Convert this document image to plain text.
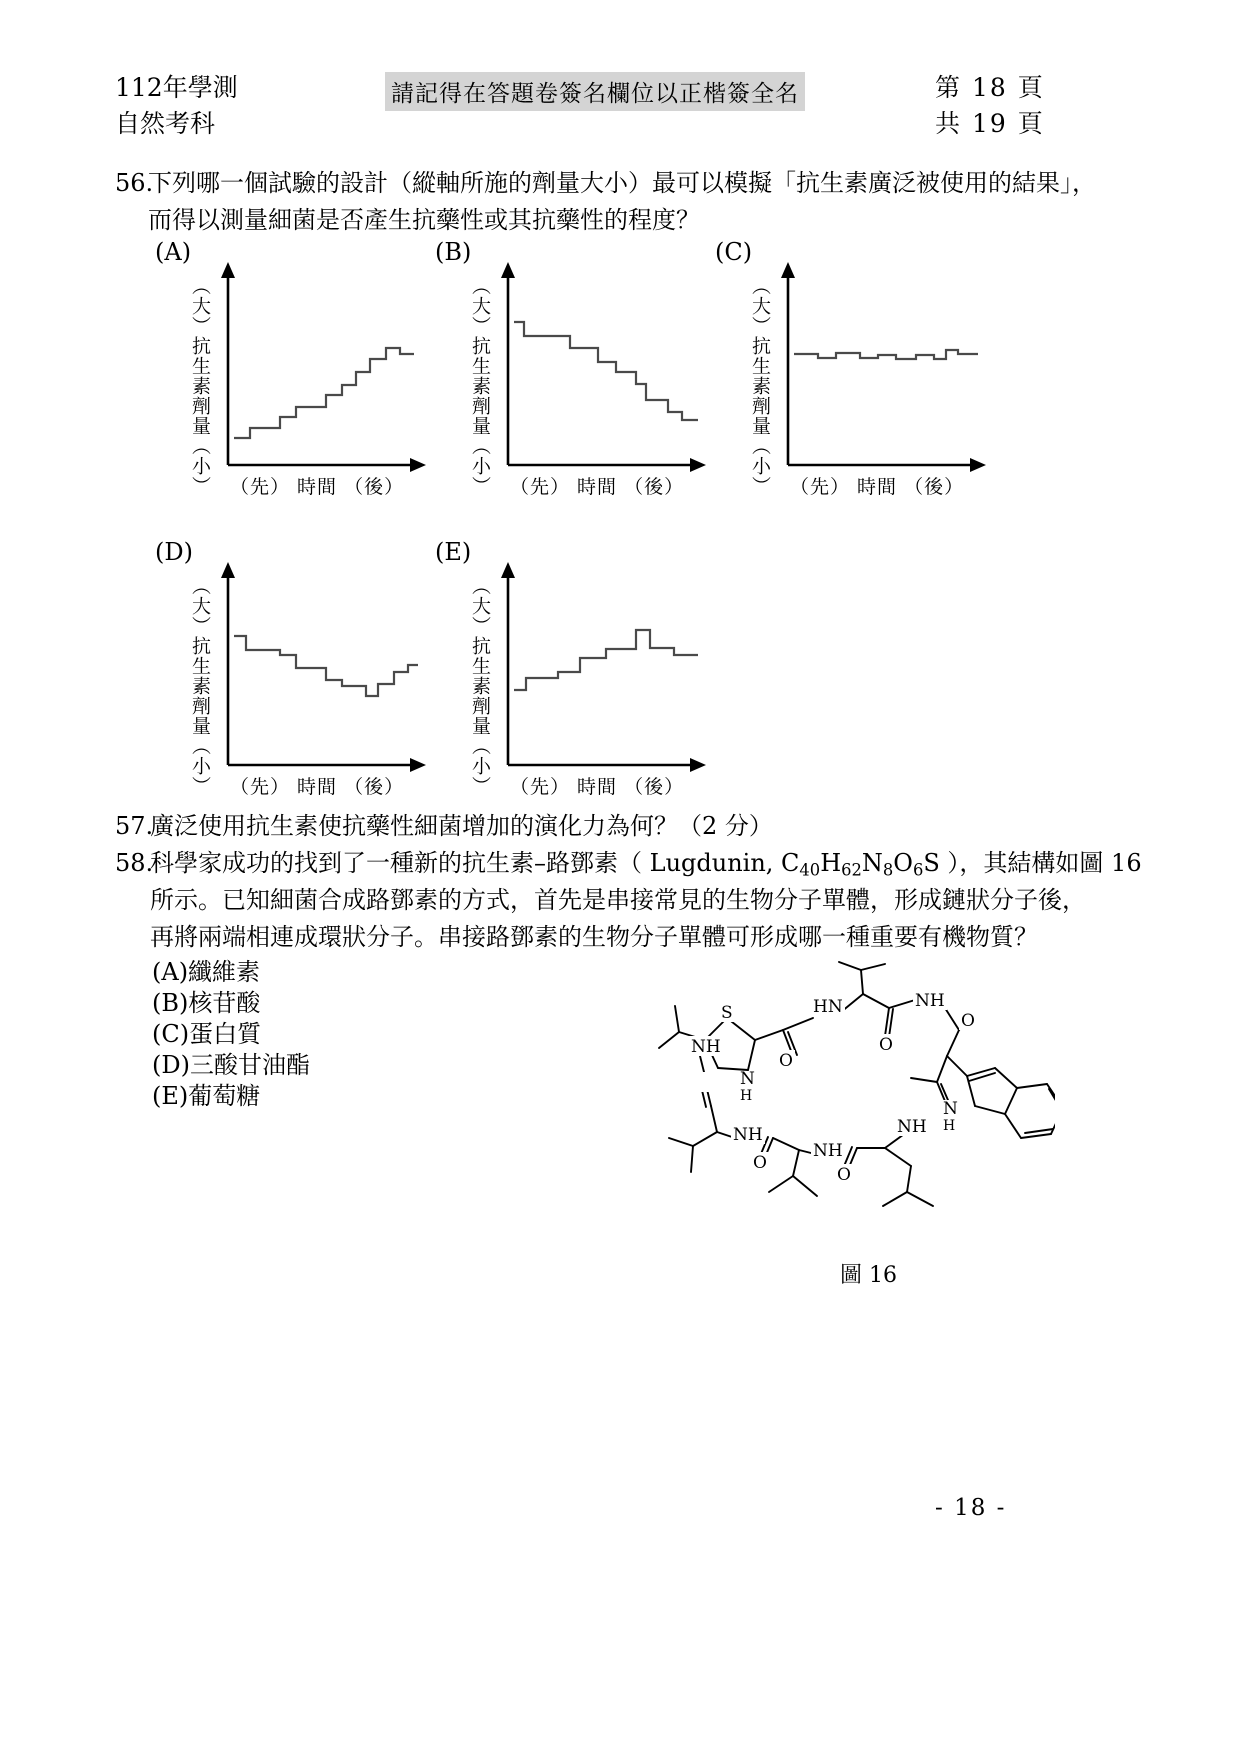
112年學測
自然考科
請記得在答題卷簽名欄位以正楷簽全名	第 18 頁
共 19 頁
56.
下列哪一個試驗的設計（縱軸所施的劑量大小）最可以模擬「抗生素廣泛被使用的結果」，
而得以測量細菌是否產生抗藥性或其抗藥性的程度？
(A)	(B)	(C)
(D)	(E)
（大）抗生素劑量（小） （先） 時間 （後）	（大）抗生素劑量（小） （先） 時間 （後）	（大）抗生素劑量（小） （先） 時間 （後）
（大）抗生素劑量（小） （先） 時間 （後）	（大）抗生素劑量（小） （先） 時間 （後）
57.
廣泛使用抗生素使抗藥性細菌增加的演化力為何？（2 分）
58.
科學家成功的找到了一種新的抗生素–路鄧素（ Lugdunin, $C_{40}H_{62}N_8O_6S$ ），其結構如圖 16
所示。已知細菌合成路鄧素的方式，首先是串接常見的生物分子單體，形成鏈狀分子後，
再將兩端相連成環狀分子。串接路鄧素的生物分子單體可形成哪一種重要有機物質？
(A)纖維素
(B)核苷酸
(C)蛋白質
(D)三酸甘油酯
(E)葡萄糖
S
N
H
HN	NH
O
O
O
NH
NH
NH
NH
N
H
O
O
圖 16
- 18 -
